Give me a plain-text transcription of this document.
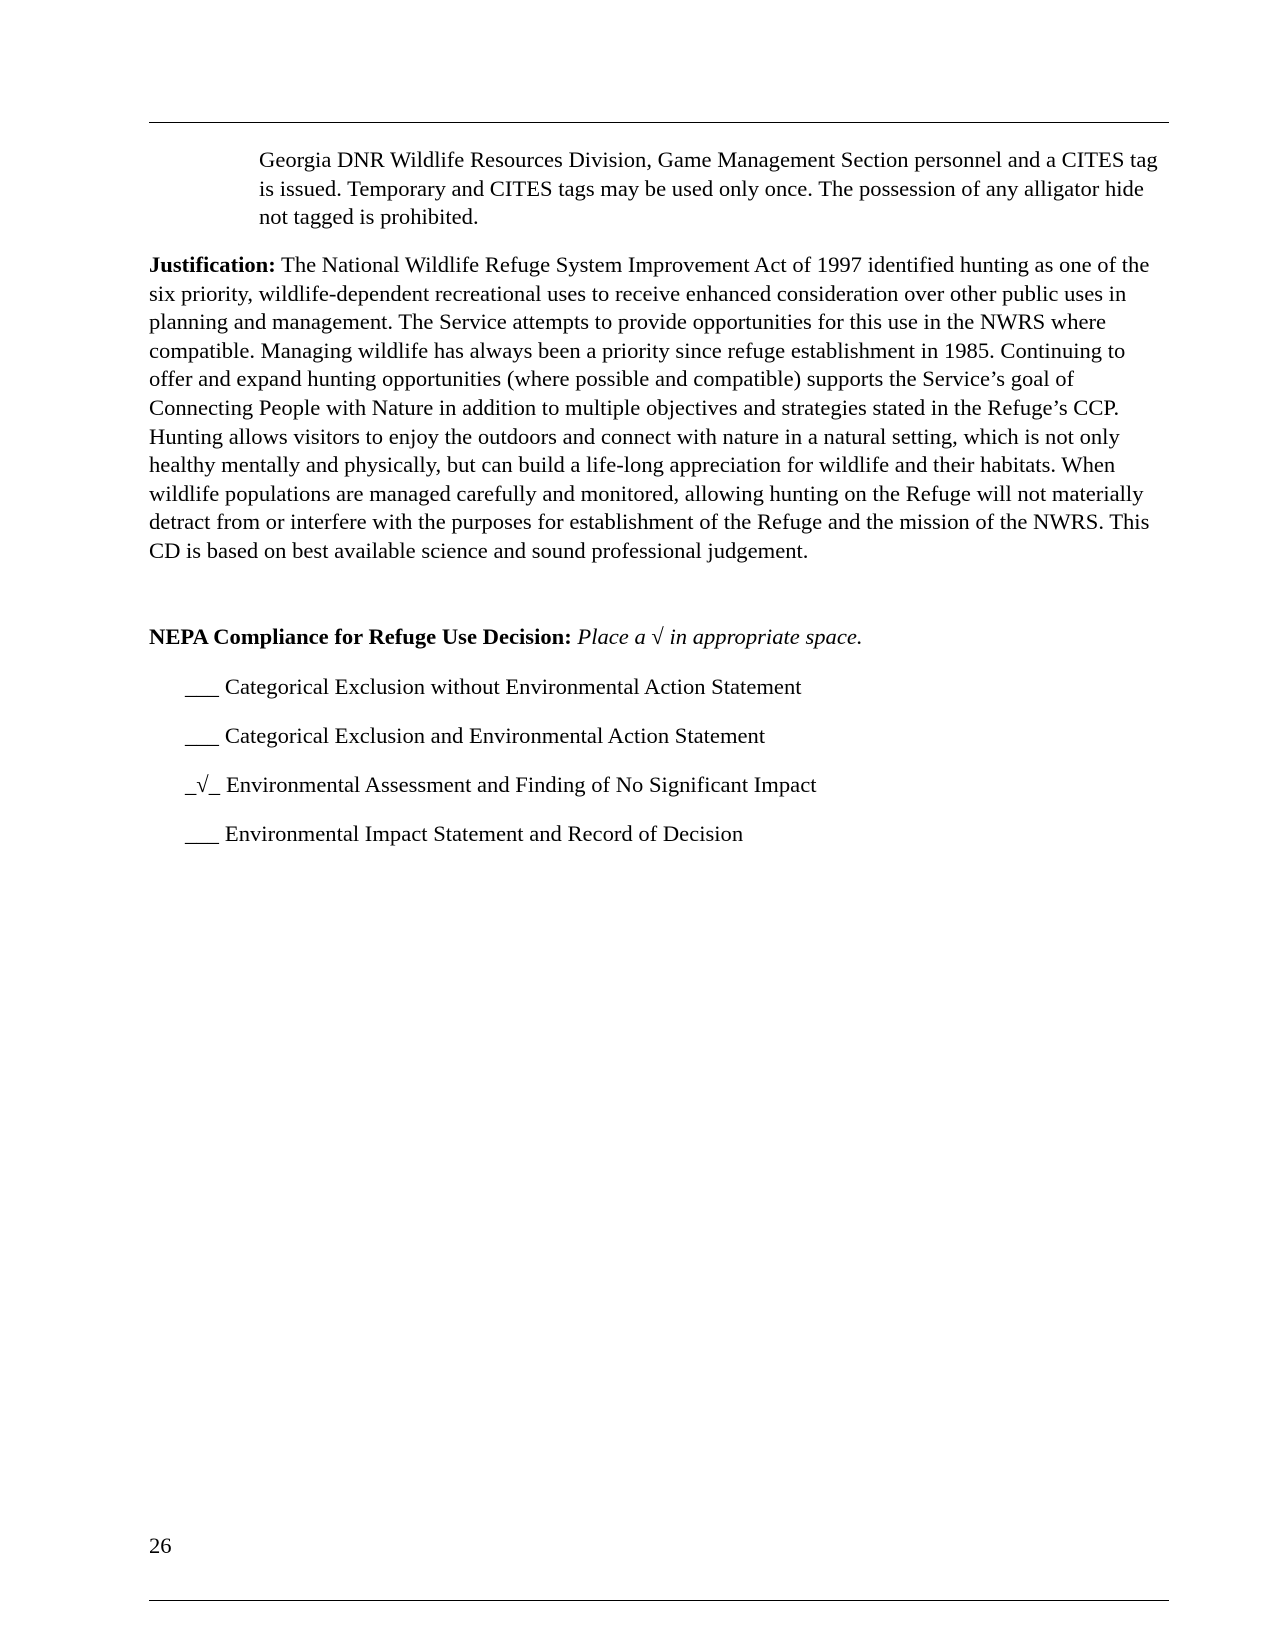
Georgia DNR Wildlife Resources Division, Game Management Section personnel and a CITES tag is issued. Temporary and CITES tags may be used only once. The possession of any alligator hide not tagged is prohibited.

Justification: The National Wildlife Refuge System Improvement Act of 1997 identified hunting as one of the six priority, wildlife-dependent recreational uses to receive enhanced consideration over other public uses in planning and management. The Service attempts to provide opportunities for this use in the NWRS where compatible. Managing wildlife has always been a priority since refuge establishment in 1985. Continuing to offer and expand hunting opportunities (where possible and compatible) supports the Service’s goal of Connecting People with Nature in addition to multiple objectives and strategies stated in the Refuge’s CCP. Hunting allows visitors to enjoy the outdoors and connect with nature in a natural setting, which is not only healthy mentally and physically, but can build a life-long appreciation for wildlife and their habitats. When wildlife populations are managed carefully and monitored, allowing hunting on the Refuge will not materially detract from or interfere with the purposes for establishment of the Refuge and the mission of the NWRS. This CD is based on best available science and sound professional judgement.

NEPA Compliance for Refuge Use Decision: Place a √ in appropriate space.

___ Categorical Exclusion without Environmental Action Statement
___ Categorical Exclusion and Environmental Action Statement
_√_ Environmental Assessment and Finding of No Significant Impact
___ Environmental Impact Statement and Record of Decision

26
